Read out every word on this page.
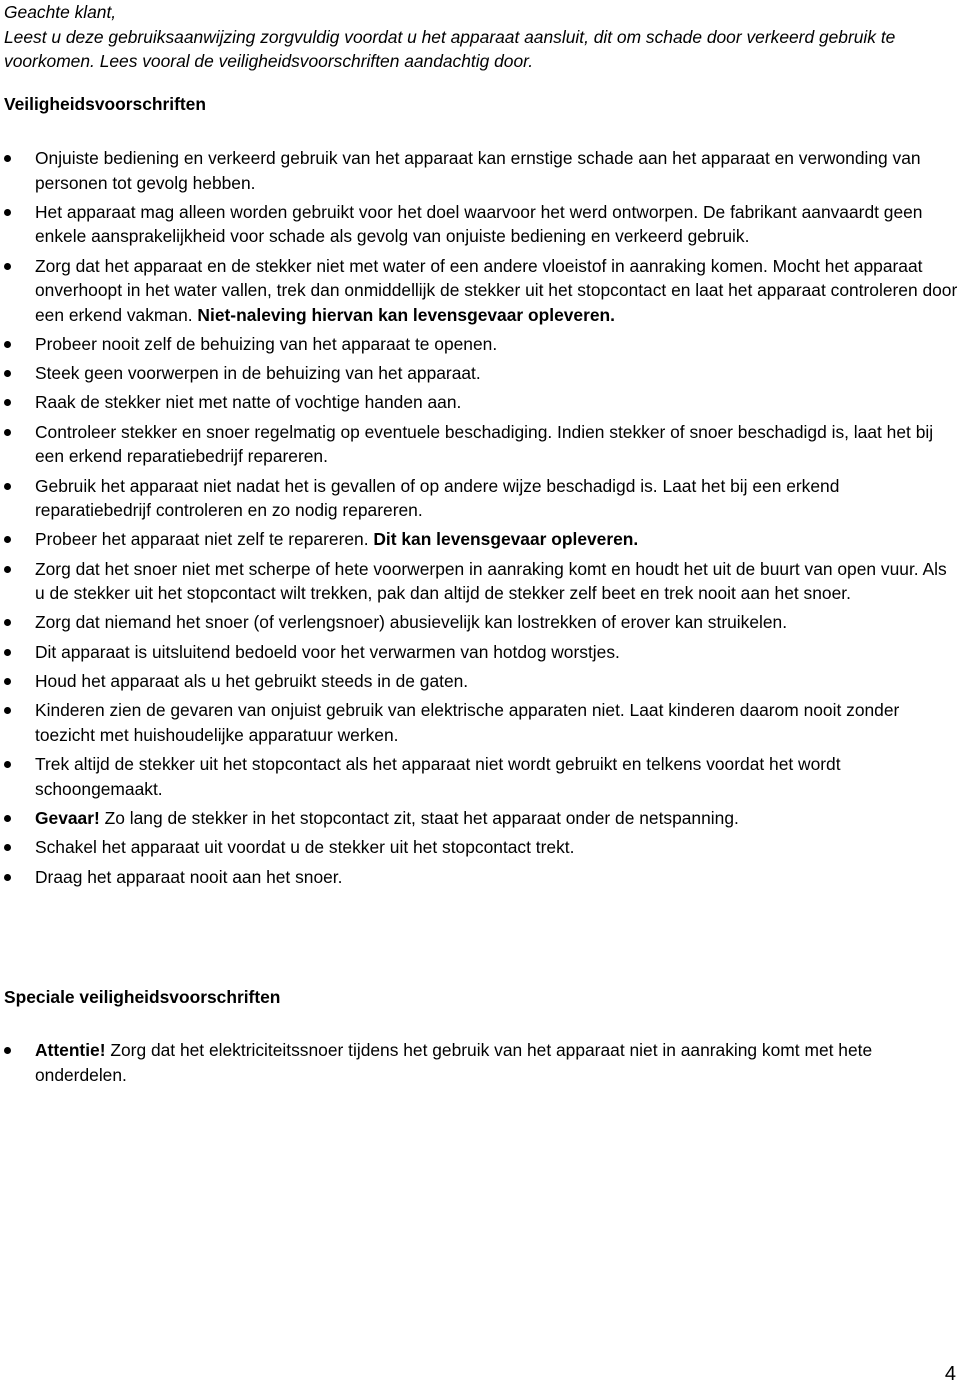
Geachte klant,
Leest u deze gebruiksaanwijzing zorgvuldig voordat u het apparaat aansluit, dit om schade door verkeerd gebruik te voorkomen. Lees vooral de veiligheidsvoorschriften aandachtig door.
Veiligheidsvoorschriften
Onjuiste bediening en verkeerd gebruik van het apparaat kan ernstige schade aan het apparaat en verwonding van personen tot gevolg hebben.
Het apparaat mag alleen worden gebruikt voor het doel waarvoor het werd ontworpen. De fabrikant aanvaardt geen enkele aansprakelijkheid voor schade als gevolg van onjuiste bediening en verkeerd gebruik.
Zorg dat het apparaat en de stekker niet met water of een andere vloeistof in aanraking komen. Mocht het apparaat onverhoopt in het water vallen, trek dan onmiddellijk de stekker uit het stopcontact en laat het apparaat controleren door een erkend vakman. Niet-naleving hiervan kan levensgevaar opleveren.
Probeer nooit zelf de behuizing van het apparaat te openen.
Steek geen voorwerpen in de behuizing van het apparaat.
Raak de stekker niet met natte of vochtige handen aan.
Controleer stekker en snoer regelmatig op eventuele beschadiging. Indien stekker of snoer beschadigd is, laat het bij een erkend reparatiebedrijf repareren.
Gebruik het apparaat niet nadat het is gevallen of op andere wijze beschadigd is. Laat het bij een erkend reparatiebedrijf controleren en zo nodig repareren.
Probeer het apparaat niet zelf te repareren. Dit kan levensgevaar opleveren.
Zorg dat het snoer niet met scherpe of hete voorwerpen in aanraking komt en houdt het uit de buurt van open vuur. Als u de stekker uit het stopcontact wilt trekken, pak dan altijd de stekker zelf beet en trek nooit aan het snoer.
Zorg dat niemand het snoer (of verlengsnoer) abusievelijk kan lostrekken of erover kan struikelen.
Dit apparaat is uitsluitend bedoeld voor het verwarmen van hotdog worstjes.
Houd het apparaat als u het gebruikt steeds in de gaten.
Kinderen zien de gevaren van onjuist gebruik van elektrische apparaten niet. Laat kinderen daarom nooit zonder toezicht met huishoudelijke apparatuur werken.
Trek altijd de stekker uit het stopcontact als het apparaat niet wordt gebruikt en telkens voordat het wordt schoongemaakt.
Gevaar! Zo lang de stekker in het stopcontact zit, staat het apparaat onder de netspanning.
Schakel het apparaat uit voordat u de stekker uit het stopcontact trekt.
Draag het apparaat nooit aan het snoer.
Speciale veiligheidsvoorschriften
Attentie! Zorg dat het elektriciteitssnoer tijdens het gebruik van het apparaat niet in aanraking komt met hete onderdelen.
4
